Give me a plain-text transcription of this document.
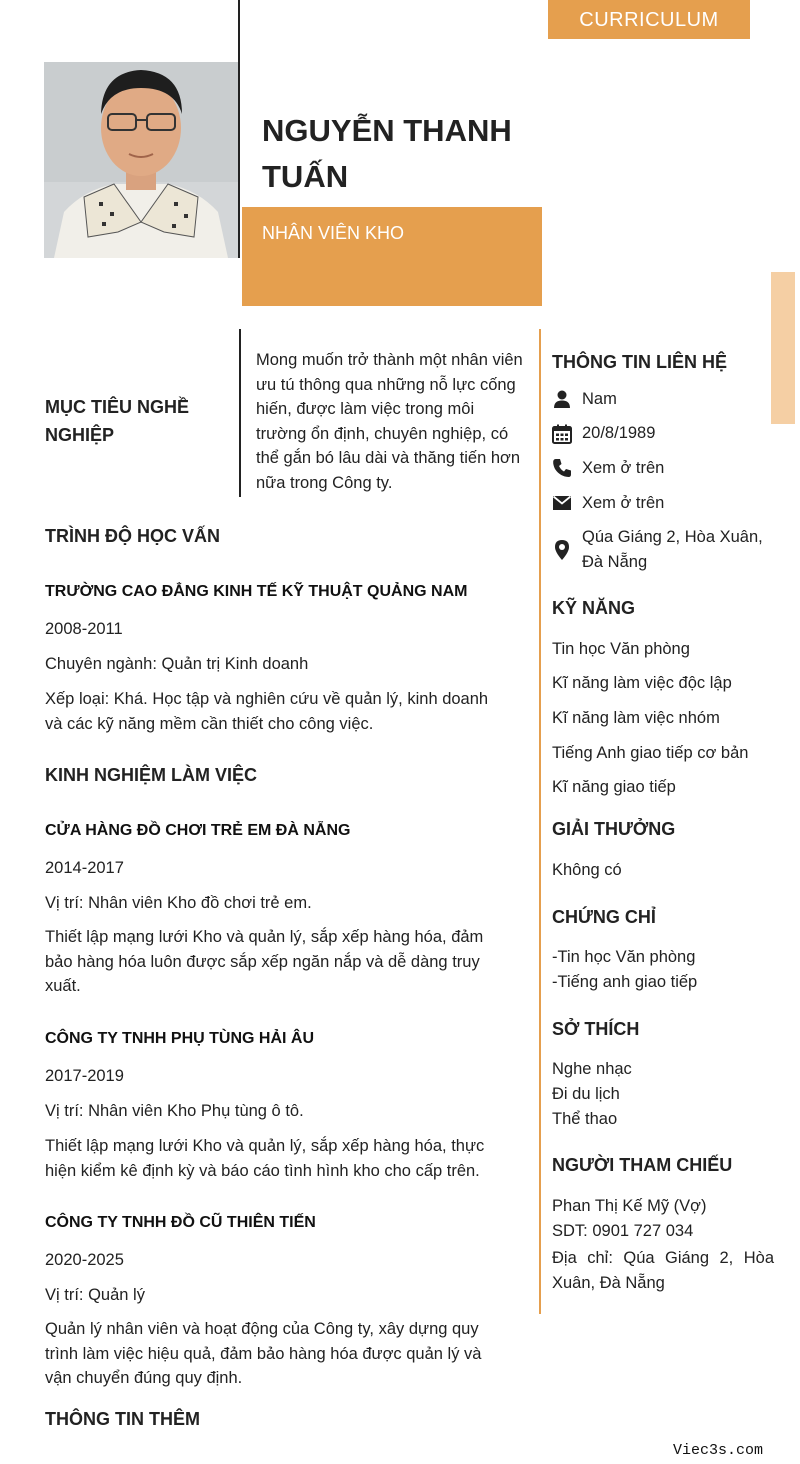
CURRICULUM VITAE
NGUYỄN THANH TUẤN
NHÂN VIÊN KHO
MỤC TIÊU NGHỀ NGHIỆP
Mong muốn trở thành một nhân viên ưu tú thông qua những nỗ lực cống hiến, được làm việc trong môi trường ổn định, chuyên nghiệp, có thể gắn bó lâu dài và thăng tiến hơn nữa trong Công ty.
TRÌNH ĐỘ HỌC VẤN
TRƯỜNG CAO ĐẲNG KINH TẾ KỸ THUẬT QUẢNG NAM
2008-2011
Chuyên ngành: Quản trị Kinh doanh
Xếp loại: Khá. Học tập và nghiên cứu về quản lý, kinh doanh và các kỹ năng mềm cần thiết cho công việc.
KINH NGHIỆM LÀM VIỆC
CỬA HÀNG ĐỒ CHƠI TRẺ EM ĐÀ NẴNG
2014-2017
Vị trí: Nhân viên Kho đồ chơi trẻ em.
Thiết lập mạng lưới Kho và quản lý, sắp xếp hàng hóa, đảm bảo hàng hóa luôn được sắp xếp ngăn nắp và dễ dàng truy xuất.
CÔNG TY TNHH PHỤ TÙNG HẢI ÂU
2017-2019
Vị trí: Nhân viên Kho Phụ tùng ô tô.
Thiết lập mạng lưới Kho và quản lý, sắp xếp hàng hóa, thực hiện kiểm kê định kỳ và báo cáo tình hình kho cho cấp trên.
CÔNG TY TNHH ĐỒ CŨ THIÊN TIẾN
2020-2025
Vị trí: Quản lý
Quản lý nhân viên và hoạt động của Công ty, xây dựng quy trình làm việc hiệu quả, đảm bảo hàng hóa được quản lý và vận chuyển đúng quy định.
THÔNG TIN THÊM
THÔNG TIN LIÊN HỆ
Nam
20/8/1989
Xem ở trên
Xem ở trên
Qúa Giáng 2, Hòa Xuân, Đà Nẵng
KỸ NĂNG
Tin học Văn phòng
Kĩ năng làm việc độc lập
Kĩ năng làm việc nhóm
Tiếng Anh giao tiếp cơ bản
Kĩ năng giao tiếp
GIẢI THƯỞNG
Không có
CHỨNG CHỈ
-Tin học Văn phòng
-Tiếng anh giao tiếp
SỞ THÍCH
Nghe nhạc
Đi du lịch
Thể thao
NGƯỜI THAM CHIẾU
Phan Thị Kế Mỹ (Vợ)
SDT: 0901 727 034
Địa chỉ: Qúa Giáng 2, Hòa Xuân, Đà Nẵng
Viec3s.com
